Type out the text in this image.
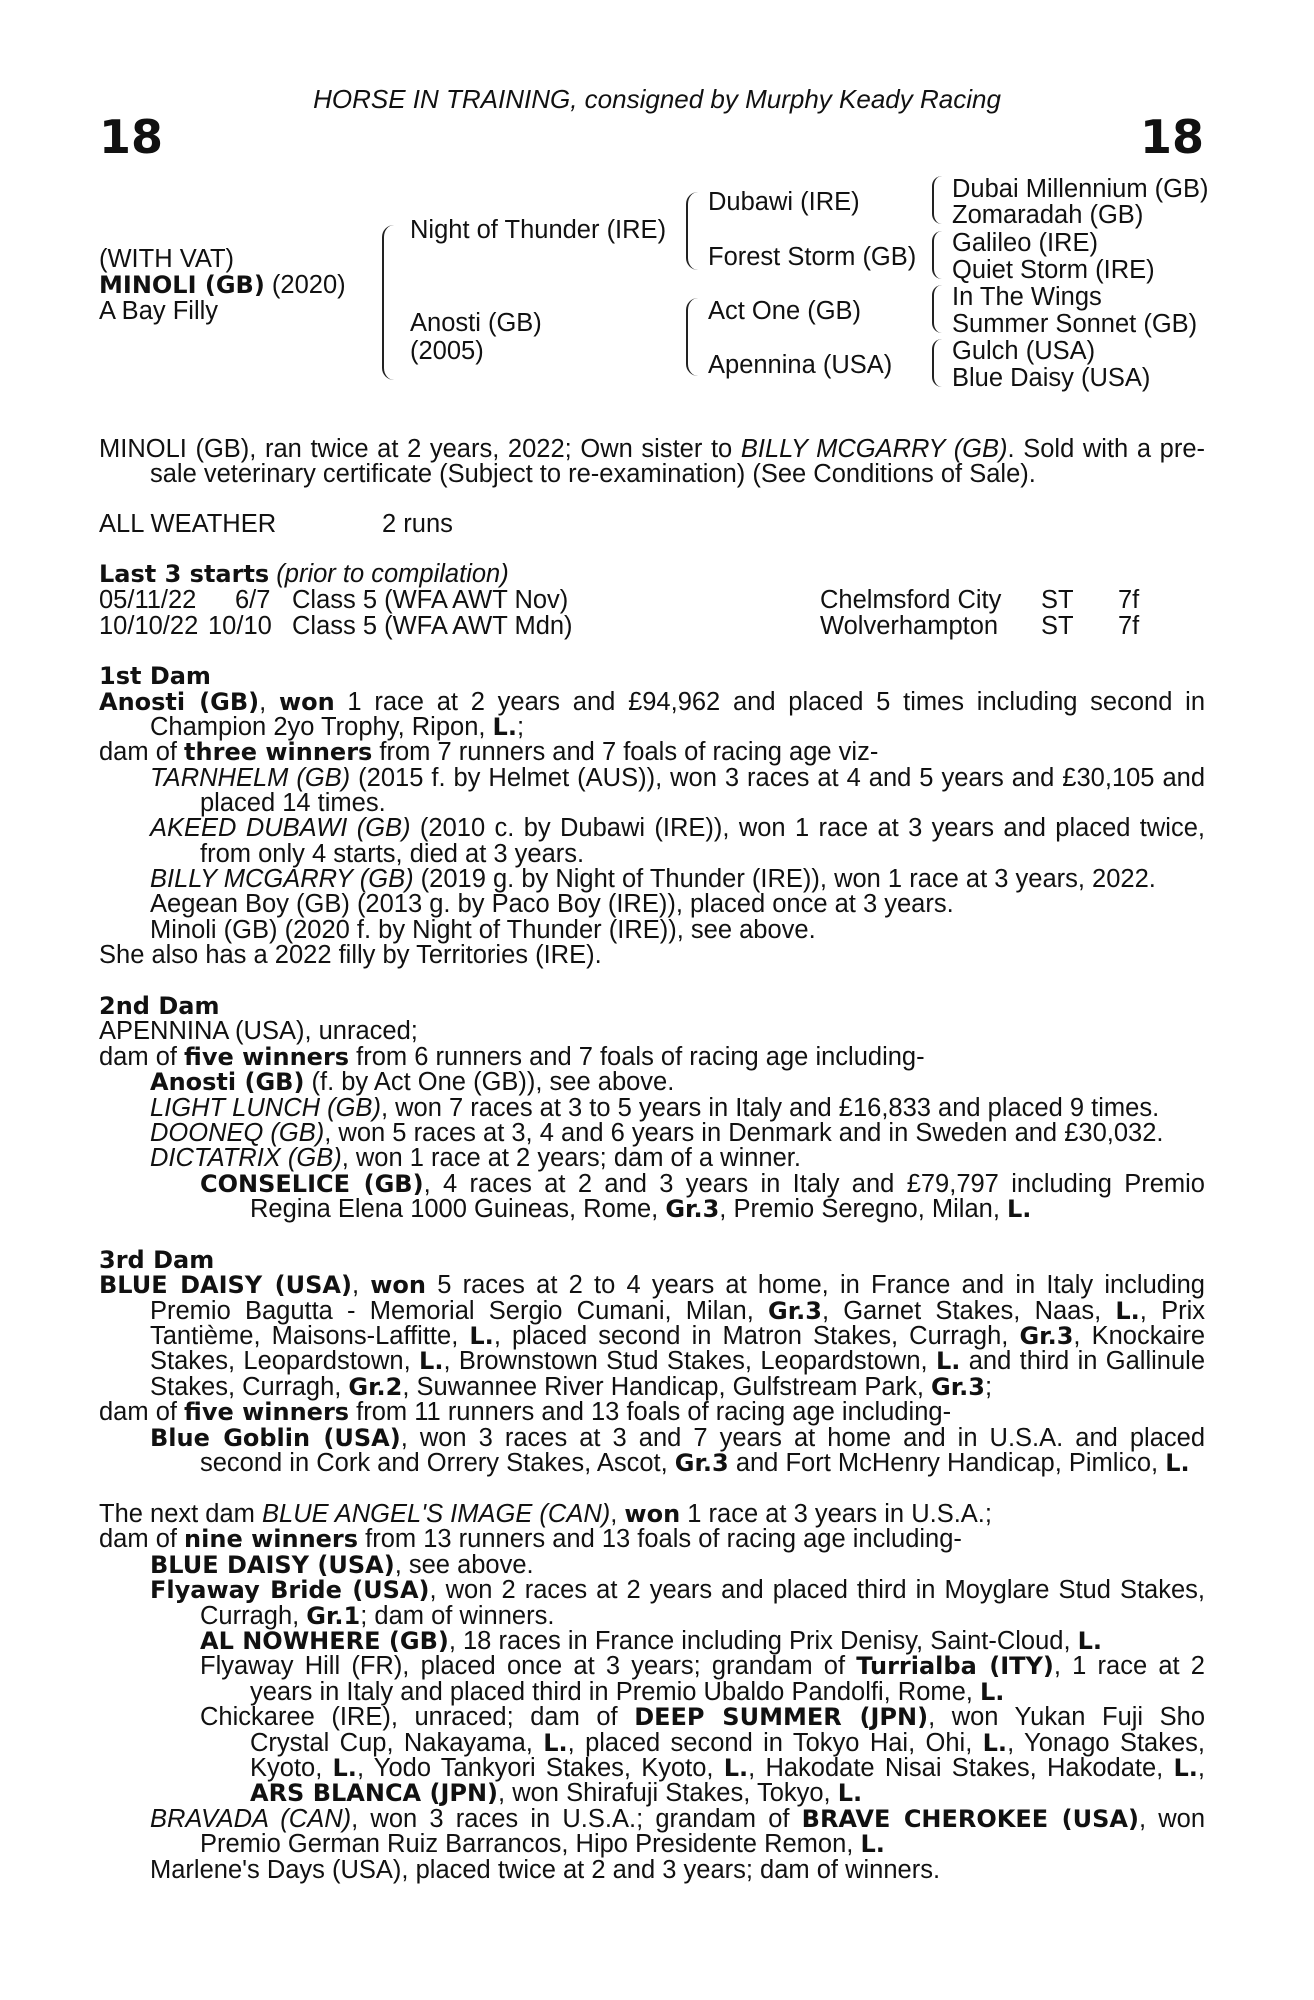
HORSE IN TRAINING, consigned by Murphy Keady Racing
18	18
(WITH VAT)
MINOLI (GB) (2020)
A Bay Filly
Night of Thunder (IRE)
Anosti (GB)
(2005)
Dubawi (IRE)
Forest Storm (GB)
Act One (GB)
Apennina (USA)
Dubai Millennium (GB)
Zomaradah (GB)
Galileo (IRE)
Quiet Storm (IRE)
In The Wings
Summer Sonnet (GB)
Gulch (USA)
Blue Daisy (USA)
MINOLI (GB), ran twice at 2 years, 2022; Own sister to BILLY MCGARRY (GB). Sold with a pre-
sale veterinary certificate (Subject to re-examination) (See Conditions of Sale).
ALL WEATHER	2 runs
Last 3 starts (prior to compilation)
05/11/22 6/7 Class 5 (WFA AWT Nov)	Chelmsford City ST 7f
10/10/22 10/10 Class 5 (WFA AWT Mdn)	Wolverhampton ST 7f
1st Dam
Anosti (GB), won 1 race at 2 years and £94,962 and placed 5 times including second in
Champion 2yo Trophy, Ripon, L.;
dam of three winners from 7 runners and 7 foals of racing age viz-
TARNHELM (GB) (2015 f. by Helmet (AUS)), won 3 races at 4 and 5 years and £30,105 and
placed 14 times.
AKEED DUBAWI (GB) (2010 c. by Dubawi (IRE)), won 1 race at 3 years and placed twice,
from only 4 starts, died at 3 years.
BILLY MCGARRY (GB) (2019 g. by Night of Thunder (IRE)), won 1 race at 3 years, 2022.
Aegean Boy (GB) (2013 g. by Paco Boy (IRE)), placed once at 3 years.
Minoli (GB) (2020 f. by Night of Thunder (IRE)), see above.
She also has a 2022 filly by Territories (IRE).
2nd Dam
APENNINA (USA), unraced;
dam of five winners from 6 runners and 7 foals of racing age including-
Anosti (GB) (f. by Act One (GB)), see above.
LIGHT LUNCH (GB), won 7 races at 3 to 5 years in Italy and £16,833 and placed 9 times.
DOONEQ (GB), won 5 races at 3, 4 and 6 years in Denmark and in Sweden and £30,032.
DICTATRIX (GB), won 1 race at 2 years; dam of a winner.
CONSELICE (GB), 4 races at 2 and 3 years in Italy and £79,797 including Premio
Regina Elena 1000 Guineas, Rome, Gr.3, Premio Seregno, Milan, L.
3rd Dam
BLUE DAISY (USA), won 5 races at 2 to 4 years at home, in France and in Italy including
Premio Bagutta - Memorial Sergio Cumani, Milan, Gr.3, Garnet Stakes, Naas, L., Prix
Tantième, Maisons-Laffitte, L., placed second in Matron Stakes, Curragh, Gr.3, Knockaire
Stakes, Leopardstown, L., Brownstown Stud Stakes, Leopardstown, L. and third in Gallinule
Stakes, Curragh, Gr.2, Suwannee River Handicap, Gulfstream Park, Gr.3;
dam of five winners from 11 runners and 13 foals of racing age including-
Blue Goblin (USA), won 3 races at 3 and 7 years at home and in U.S.A. and placed
second in Cork and Orrery Stakes, Ascot, Gr.3 and Fort McHenry Handicap, Pimlico, L.
The next dam BLUE ANGEL'S IMAGE (CAN), won 1 race at 3 years in U.S.A.;
dam of nine winners from 13 runners and 13 foals of racing age including-
BLUE DAISY (USA), see above.
Flyaway Bride (USA), won 2 races at 2 years and placed third in Moyglare Stud Stakes,
Curragh, Gr.1; dam of winners.
AL NOWHERE (GB), 18 races in France including Prix Denisy, Saint-Cloud, L.
Flyaway Hill (FR), placed once at 3 years; grandam of Turrialba (ITY), 1 race at 2
years in Italy and placed third in Premio Ubaldo Pandolfi, Rome, L.
Chickaree (IRE), unraced; dam of DEEP SUMMER (JPN), won Yukan Fuji Sho
Crystal Cup, Nakayama, L., placed second in Tokyo Hai, Ohi, L., Yonago Stakes,
Kyoto, L., Yodo Tankyori Stakes, Kyoto, L., Hakodate Nisai Stakes, Hakodate, L.,
ARS BLANCA (JPN), won Shirafuji Stakes, Tokyo, L.
BRAVADA (CAN), won 3 races in U.S.A.; grandam of BRAVE CHEROKEE (USA), won
Premio German Ruiz Barrancos, Hipo Presidente Remon, L.
Marlene's Days (USA), placed twice at 2 and 3 years; dam of winners.
